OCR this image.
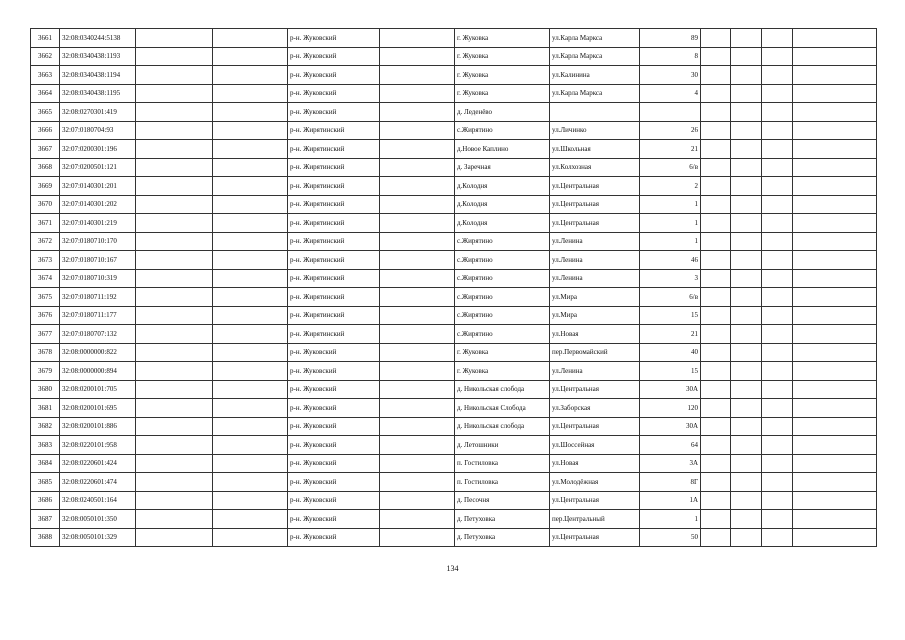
3661	32:08:0340244:5138			р-н. Жуковский		г. Жуковка	ул.Карла Маркса	89				
3662	32:08:0340438:1193			р-н. Жуковский		г. Жуковка	ул.Карла Маркса	8				
3663	32:08:0340438:1194			р-н. Жуковский		г. Жуковка	ул.Калинина	30				
3664	32:08:0340438:1195			р-н. Жуковский		г. Жуковка	ул.Карла Маркса	4				
3665	32:08:0270301:419			р-н. Жуковский		д. Леденёво						
3666	32:07:0180704:93			р-н. Жирятинский		с.Жирятино	ул.Личинко	26				
3667	32:07:0200301:196			р-н. Жирятинский		д.Новое Каплино	ул.Школьная	21				
3668	32:07:0200501:121			р-н. Жирятинский		д. Заречная	ул.Колхозная	6/в				
3669	32:07:0140301:201			р-н. Жирятинский		д.Колодня	ул.Центральная	2				
3670	32:07:0140301:202			р-н. Жирятинский		д.Колодня	ул.Центральная	1				
3671	32:07:0140301:219			р-н. Жирятинский		д.Колодня	ул.Центральная	1				
3672	32:07:0180710:170			р-н. Жирятинский		с.Жирятино	ул.Ленина	1				
3673	32:07:0180710:167			р-н. Жирятинский		с.Жирятино	ул.Ленина	46				
3674	32:07:0180710:319			р-н. Жирятинский		с.Жирятино	ул.Ленина	3				
3675	32:07:0180711:192			р-н. Жирятинский		с.Жирятино	ул.Мира	6/в				
3676	32:07:0180711:177			р-н. Жирятинский		с.Жирятино	ул.Мира	15				
3677	32:07:0180707:132			р-н. Жирятинский		с.Жирятино	ул.Новая	21				
3678	32:08:0000000:822			р-н. Жуковский		г. Жуковка	пер.Первомайский	40				
3679	32:08:0000000:894			р-н. Жуковский		г. Жуковка	ул.Ленина	15				
3680	32:08:0200101:705			р-н. Жуковский		д. Никольская слобода	ул.Центральная	30А				
3681	32:08:0200101:695			р-н. Жуковский		д. Никольская Слобода	ул.Заборская	120				
3682	32:08:0200101:886			р-н. Жуковский		д. Никольская слобода	ул.Центральная	30А				
3683	32:08:0220101:958			р-н. Жуковский		д. Летошники	ул.Шоссейная	64				
3684	32:08:0220601:424			р-н. Жуковский		п. Гостиловка	ул.Новая	3А				
3685	32:08:0220601:474			р-н. Жуковский		п. Гостиловка	ул.Молодёжная	8Г				
3686	32:08:0240501:164			р-н. Жуковский		д. Песочня	ул.Центральная	1А				
3687	32:08:0050101:350			р-н. Жуковский		д. Петуховка	пер.Центральный	1				
3688	32:08:0050101:329			р-н. Жуковский		д. Петуховка	ул.Центральная	50				
134
